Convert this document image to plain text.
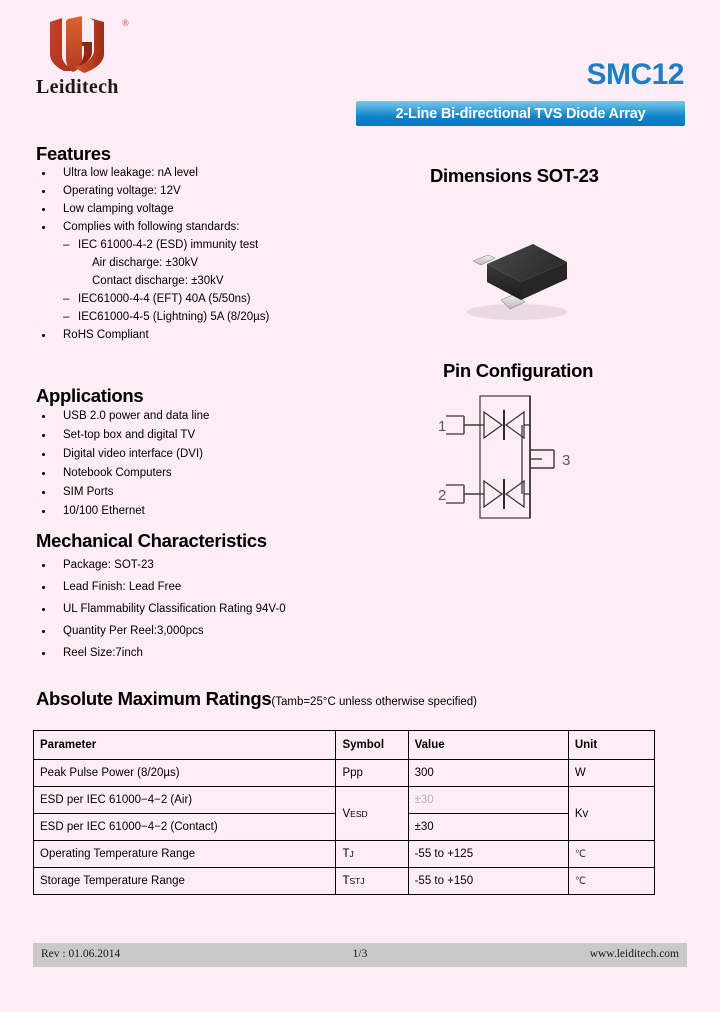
®
Leiditech	SMC12
2-Line Bi-directional TVS Diode Array
Features
Ultra low leakage: nA level
Operating voltage: 12V
Low clamping voltage
Complies with following standards:
– IEC 61000-4-2 (ESD) immunity test
Air discharge: ±30kV
Contact discharge: ±30kV
– IEC61000-4-4 (EFT) 40A (5/50ns)
– IEC61000-4-5 (Lightning) 5A (8/20µs)
RoHS Compliant
Applications
USB 2.0 power and data line
Set-top box and digital TV
Digital video interface (DVI)
Notebook Computers
SIM Ports
10/100 Ethernet
Mechanical Characteristics
Package: SOT-23
Lead Finish: Lead Free
UL Flammability Classification Rating 94V-0
Quantity Per Reel:3,000pcs
Reel Size:7inch
Dimensions SOT-23
Pin Configuration
1
2
3
Absolute Maximum Ratings(Tamb=25°C unless otherwise specified)
Parameter	Symbol	Value	Unit
Peak Pulse Power (8/20µs)	Ppp	300	W
ESD per IEC 61000−4−2 (Air)	VESD	±30	Kv
ESD per IEC 61000−4−2 (Contact)		±30	
Operating Temperature Range	TJ	-55 to +125	℃
Storage Temperature Range	TSTJ	-55 to +150	℃
Rev : 01.06.2014	1/3	www.leiditech.com
